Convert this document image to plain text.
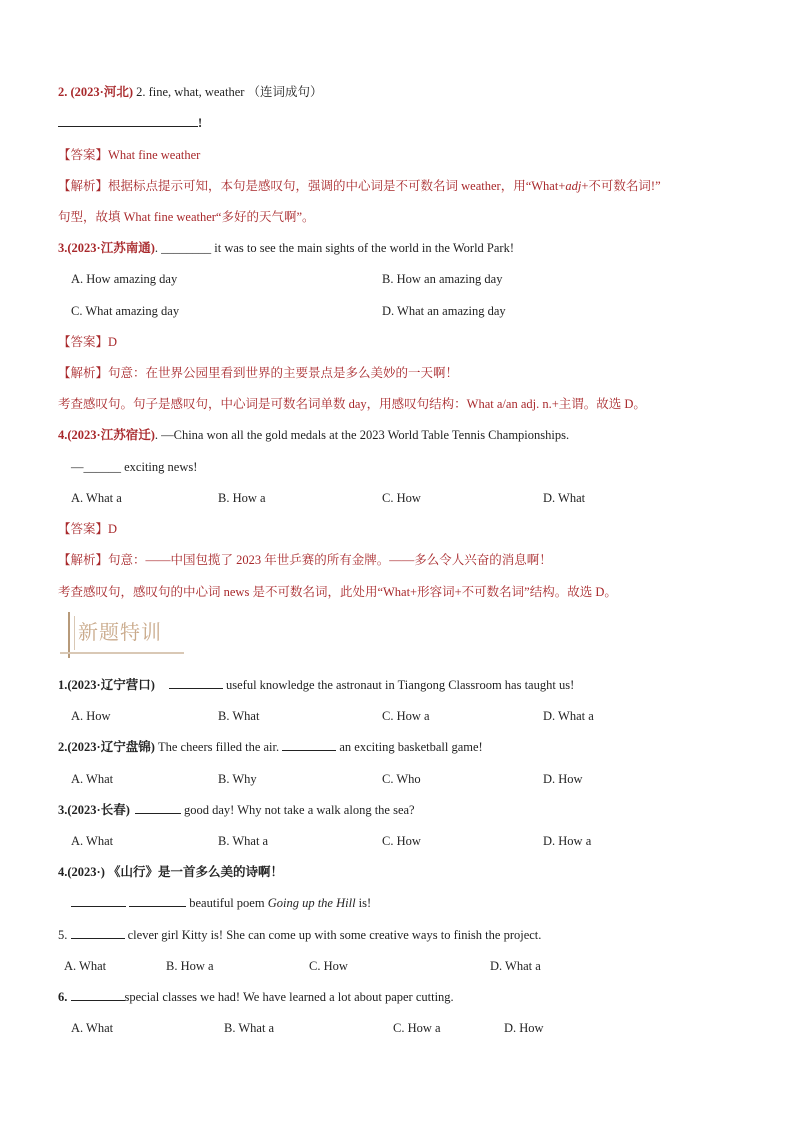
2. (2023·河北) 2. fine, what, weather （连词成句）
!
【答案】What fine weather
【解析】根据标点提示可知，本句是感叹句，强调的中心词是不可数名词 weather，用“What+adj+不可数名词!”
句型，故填 What fine weather“多好的天气啊”。
3.(2023·江苏南通). ________ it was to see the main sights of the world in the World Park!
A. How amazing day	B. How an amazing day
C. What amazing day	D. What an amazing day
【答案】D
【解析】句意：在世界公园里看到世界的主要景点是多么美妙的一天啊！
考查感叹句。句子是感叹句，中心词是可数名词单数 day，用感叹句结构：What a/an adj. n.+主谓。故选 D。
4.(2023·江苏宿迁). —China won all the gold medals at the 2023 World Table Tennis Championships.
—______ exciting news!
A. What a	B. How a	C. How	D. What
【答案】D
【解析】句意：——中国包揽了 2023 年世乒赛的所有金牌。——多么令人兴奋的消息啊！
考查感叹句，感叹句的中心词 news 是不可数名词，此处用“What+形容词+不可数名词”结构。故选 D。
新题特训
1.(2023·辽宁营口)	useful knowledge the astronaut in Tiangong Classroom has taught us!
A. How	B. What	C. How a	D. What a
2.(2023·辽宁盘锦) The cheers filled the air.	an exciting basketball game!
A. What	B. Why	C. Who	D. How
3.(2023·长春)	good day! Why not take a walk along the sea?
A. What	B. What a	C. How	D. How a
4.(2023·) 《山行》是一首多么美的诗啊！
beautiful poem Going up the Hill is!
5.	clever girl Kitty is! She can come up with some creative ways to finish the project.
A. What	B. How a	C. How	D. What a
6.	special classes we had! We have learned a lot about paper cutting.
A. What	B. What a	C. How a	D. How
